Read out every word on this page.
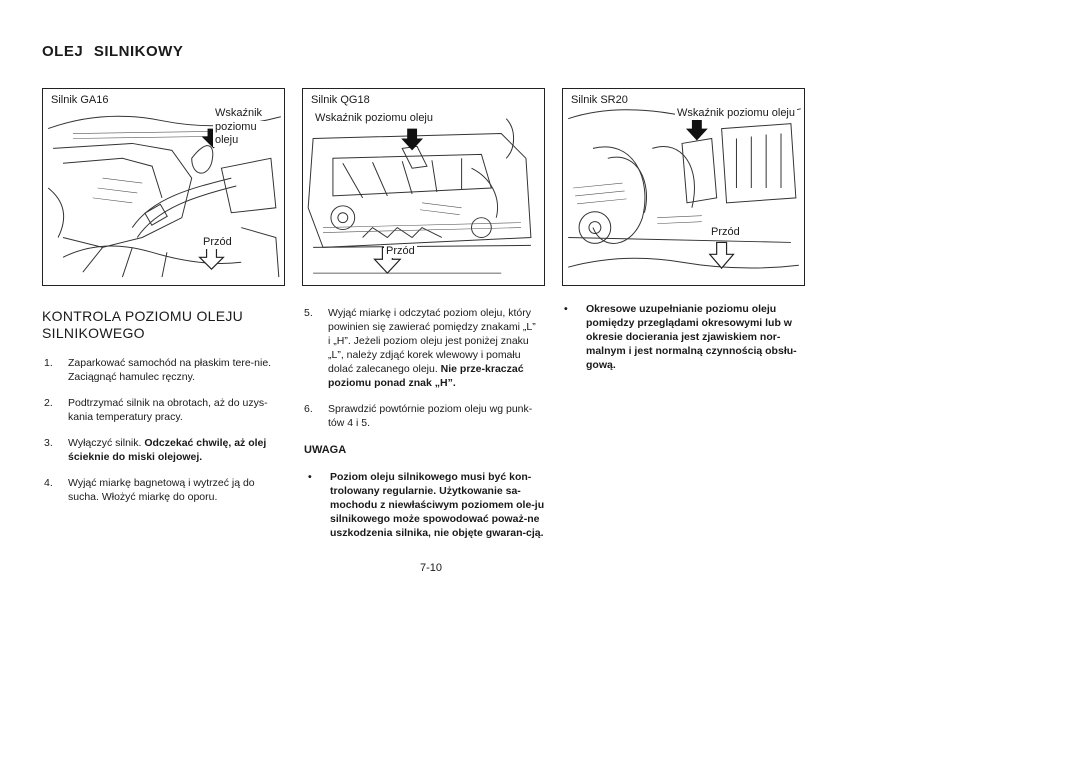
OLEJ SILNIKOWY
Silnik GA16
Wskaźnik
poziomu oleju
Przód
Silnik QG18
Wskaźnik poziomu oleju
Przód
Silnik SR20
Wskaźnik poziomu oleju
Przód
KONTROLA POZIOMU OLEJU
SILNIKOWEGO
1. Zaparkować samochód na płaskim tere-nie. Zaciągnąć hamulec ręczny.
2. Podtrzymać silnik na obrotach, aż do uzys-kania temperatury pracy.
3. Wyłączyć silnik. Odczekać chwilę, aż olej ścieknie do miski olejowej.
4. Wyjąć miarkę bagnetową i wytrzeć ją do sucha. Włożyć miarkę do oporu.
5. Wyjąć miarkę i odczytać poziom oleju, który powinien się zawierać pomiędzy znakami „L” i „H”. Jeżeli poziom oleju jest poniżej znaku „L”, należy zdjąć korek wlewowy i pomału dolać zalecanego oleju. Nie prze-kraczać poziomu ponad znak „H”.
6. Sprawdzić powtórnie poziom oleju wg punk-tów 4 i 5.
UWAGA
•	Poziom oleju silnikowego musi być kon-trolowany regularnie. Użytkowanie sa-mochodu z niewłaściwym poziomem ole-ju silnikowego może spowodować poważ-ne uszkodzenia silnika, nie objęte gwaran-cją.
•	Okresowe uzupełnianie poziomu oleju pomiędzy przeglądami okresowymi lub w okresie docierania jest zjawiskiem nor-malnym i jest normalną czynnością obsłu-gową.
7-10
